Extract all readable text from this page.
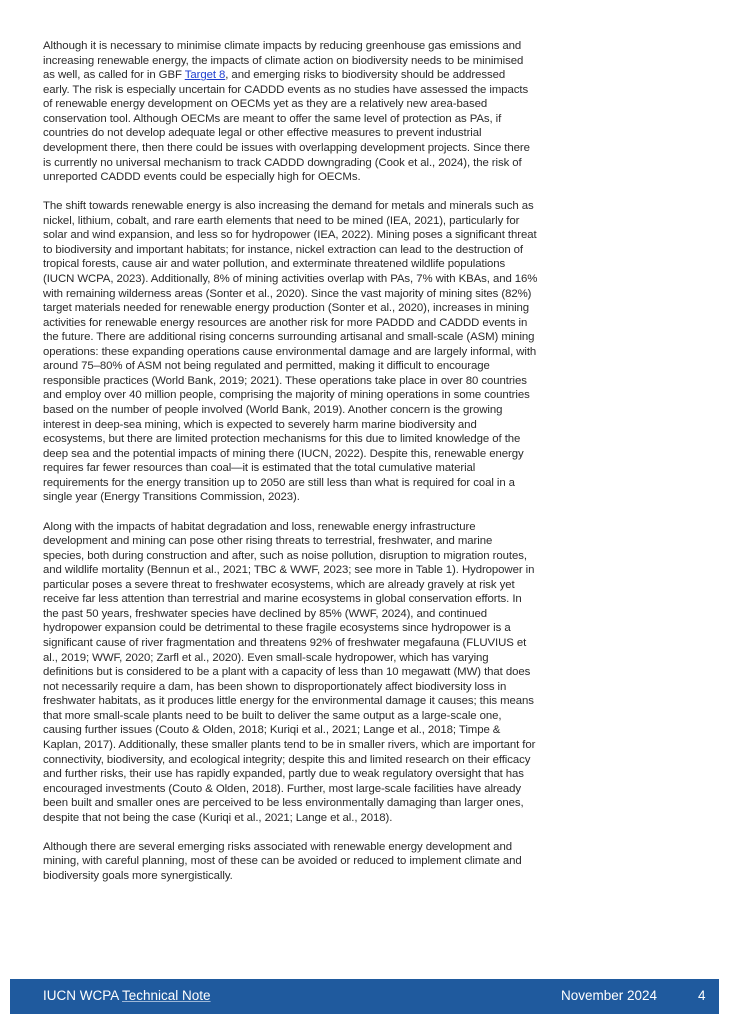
Although it is necessary to minimise climate impacts by reducing greenhouse gas emissions and
increasing renewable energy, the impacts of climate action on biodiversity needs to be minimised
as well, as called for in GBF Target 8, and emerging risks to biodiversity should be addressed
early. The risk is especially uncertain for CADDD events as no studies have assessed the impacts
of renewable energy development on OECMs yet as they are a relatively new area-based
conservation tool. Although OECMs are meant to offer the same level of protection as PAs, if
countries do not develop adequate legal or other effective measures to prevent industrial
development there, then there could be issues with overlapping development projects. Since there
is currently no universal mechanism to track CADDD downgrading (Cook et al., 2024), the risk of
unreported CADDD events could be especially high for OECMs.

The shift towards renewable energy is also increasing the demand for metals and minerals such as
nickel, lithium, cobalt, and rare earth elements that need to be mined (IEA, 2021), particularly for
solar and wind expansion, and less so for hydropower (IEA, 2022). Mining poses a significant threat
to biodiversity and important habitats; for instance, nickel extraction can lead to the destruction of
tropical forests, cause air and water pollution, and exterminate threatened wildlife populations
(IUCN WCPA, 2023). Additionally, 8% of mining activities overlap with PAs, 7% with KBAs, and 16%
with remaining wilderness areas (Sonter et al., 2020). Since the vast majority of mining sites (82%)
target materials needed for renewable energy production (Sonter et al., 2020), increases in mining
activities for renewable energy resources are another risk for more PADDD and CADDD events in
the future. There are additional rising concerns surrounding artisanal and small-scale (ASM) mining
operations: these expanding operations cause environmental damage and are largely informal, with
around 75–80% of ASM not being regulated and permitted, making it difficult to encourage
responsible practices (World Bank, 2019; 2021). These operations take place in over 80 countries
and employ over 40 million people, comprising the majority of mining operations in some countries
based on the number of people involved (World Bank, 2019). Another concern is the growing
interest in deep-sea mining, which is expected to severely harm marine biodiversity and
ecosystems, but there are limited protection mechanisms for this due to limited knowledge of the
deep sea and the potential impacts of mining there (IUCN, 2022). Despite this, renewable energy
requires far fewer resources than coal—it is estimated that the total cumulative material
requirements for the energy transition up to 2050 are still less than what is required for coal in a
single year (Energy Transitions Commission, 2023).

Along with the impacts of habitat degradation and loss, renewable energy infrastructure
development and mining can pose other rising threats to terrestrial, freshwater, and marine
species, both during construction and after, such as noise pollution, disruption to migration routes,
and wildlife mortality (Bennun et al., 2021; TBC & WWF, 2023; see more in Table 1). Hydropower in
particular poses a severe threat to freshwater ecosystems, which are already gravely at risk yet
receive far less attention than terrestrial and marine ecosystems in global conservation efforts. In
the past 50 years, freshwater species have declined by 85% (WWF, 2024), and continued
hydropower expansion could be detrimental to these fragile ecosystems since hydropower is a
significant cause of river fragmentation and threatens 92% of freshwater megafauna (FLUVIUS et
al., 2019; WWF, 2020; Zarfl et al., 2020). Even small-scale hydropower, which has varying
definitions but is considered to be a plant with a capacity of less than 10 megawatt (MW) that does
not necessarily require a dam, has been shown to disproportionately affect biodiversity loss in
freshwater habitats, as it produces little energy for the environmental damage it causes; this means
that more small-scale plants need to be built to deliver the same output as a large-scale one,
causing further issues (Couto & Olden, 2018; Kuriqi et al., 2021; Lange et al., 2018; Timpe &
Kaplan, 2017). Additionally, these smaller plants tend to be in smaller rivers, which are important for
connectivity, biodiversity, and ecological integrity; despite this and limited research on their efficacy
and further risks, their use has rapidly expanded, partly due to weak regulatory oversight that has
encouraged investments (Couto & Olden, 2018). Further, most large-scale facilities have already
been built and smaller ones are perceived to be less environmentally damaging than larger ones,
despite that not being the case (Kuriqi et al., 2021; Lange et al., 2018).

Although there are several emerging risks associated with renewable energy development and
mining, with careful planning, most of these can be avoided or reduced to implement climate and
biodiversity goals more synergistically.

IUCN WCPA Technical Note	November 2024	4
